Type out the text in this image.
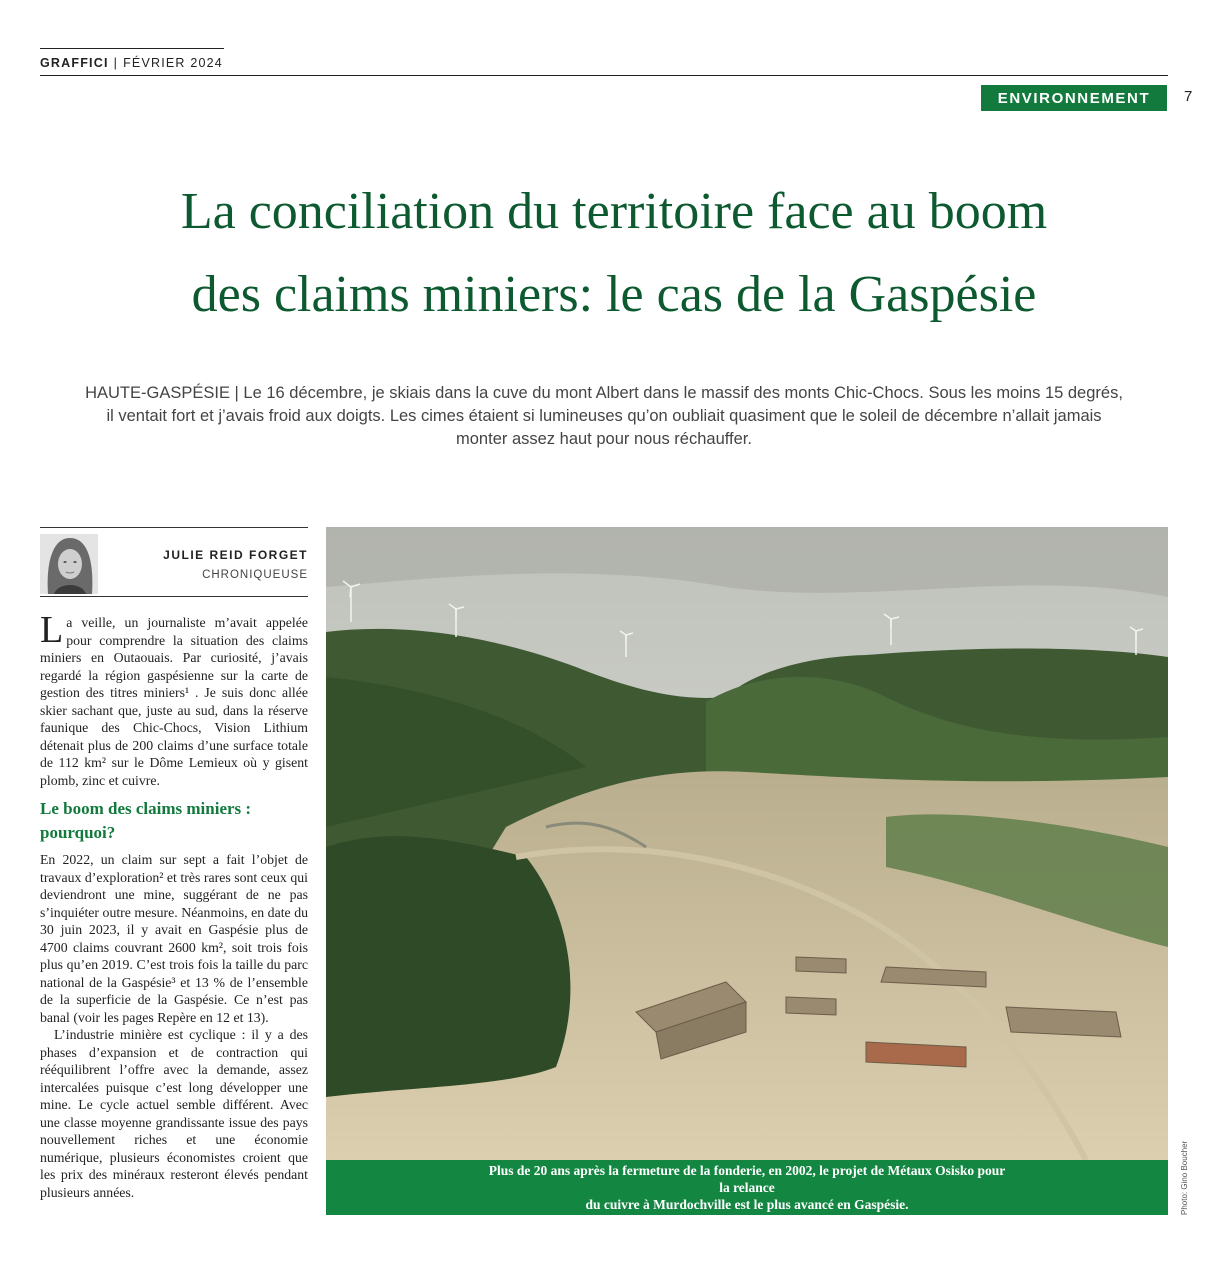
GRAFFICI | FÉVRIER 2024
ENVIRONNEMENT	7
La conciliation du territoire face au boom
des claims miniers: le cas de la Gaspésie

HAUTE-GASPÉSIE | Le 16 décembre, je skiais dans la cuve du mont Albert dans le massif des monts Chic-Chocs. Sous les moins 15 degrés, il ventait fort et j’avais froid aux doigts. Les cimes étaient si lumineuses qu’on oubliait quasiment que le soleil de décembre n’allait jamais monter assez haut pour nous réchauffer.

JULIE REID FORGET
CHRONIQUEUSE

La veille, un journaliste m’avait appelée pour comprendre la situation des claims miniers en Outaouais. Par curiosité, j’avais regardé la région gaspésienne sur la carte de gestion des titres miniers¹ . Je suis donc allée skier sachant que, juste au sud, dans la réserve faunique des Chic-Chocs, Vision Lithium détenait plus de 200 claims d’une surface totale de 112 km² sur le Dôme Lemieux où y gisent plomb, zinc et cuivre.

Le boom des claims miniers : pourquoi?

En 2022, un claim sur sept a fait l’objet de travaux d’exploration² et très rares sont ceux qui deviendront une mine, suggérant de ne pas s’inquiéter outre mesure. Néanmoins, en date du 30 juin 2023, il y avait en Gaspésie plus de 4700 claims couvrant 2600 km², soit trois fois plus qu’en 2019. C’est trois fois la taille du parc national de la Gaspésie³ et 13 % de l’ensemble de la superficie de la Gaspésie. Ce n’est pas banal (voir les pages Repère en 12 et 13).

L’industrie minière est cyclique : il y a des phases d’expansion et de contraction qui rééquilibrent l’offre avec la demande, assez intercalées puisque c’est long développer une mine. Le cycle actuel semble différent. Avec une classe moyenne grandissante issue des pays nouvellement riches et une économie numérique, plusieurs économistes croient que les prix des minéraux resteront élevés pendant plusieurs années.

Plus de 20 ans après la fermeture de la fonderie, en 2002, le projet de Métaux Osisko pour la relance
du cuivre à Murdochville est le plus avancé en Gaspésie.	Photo: Gino Boucher
